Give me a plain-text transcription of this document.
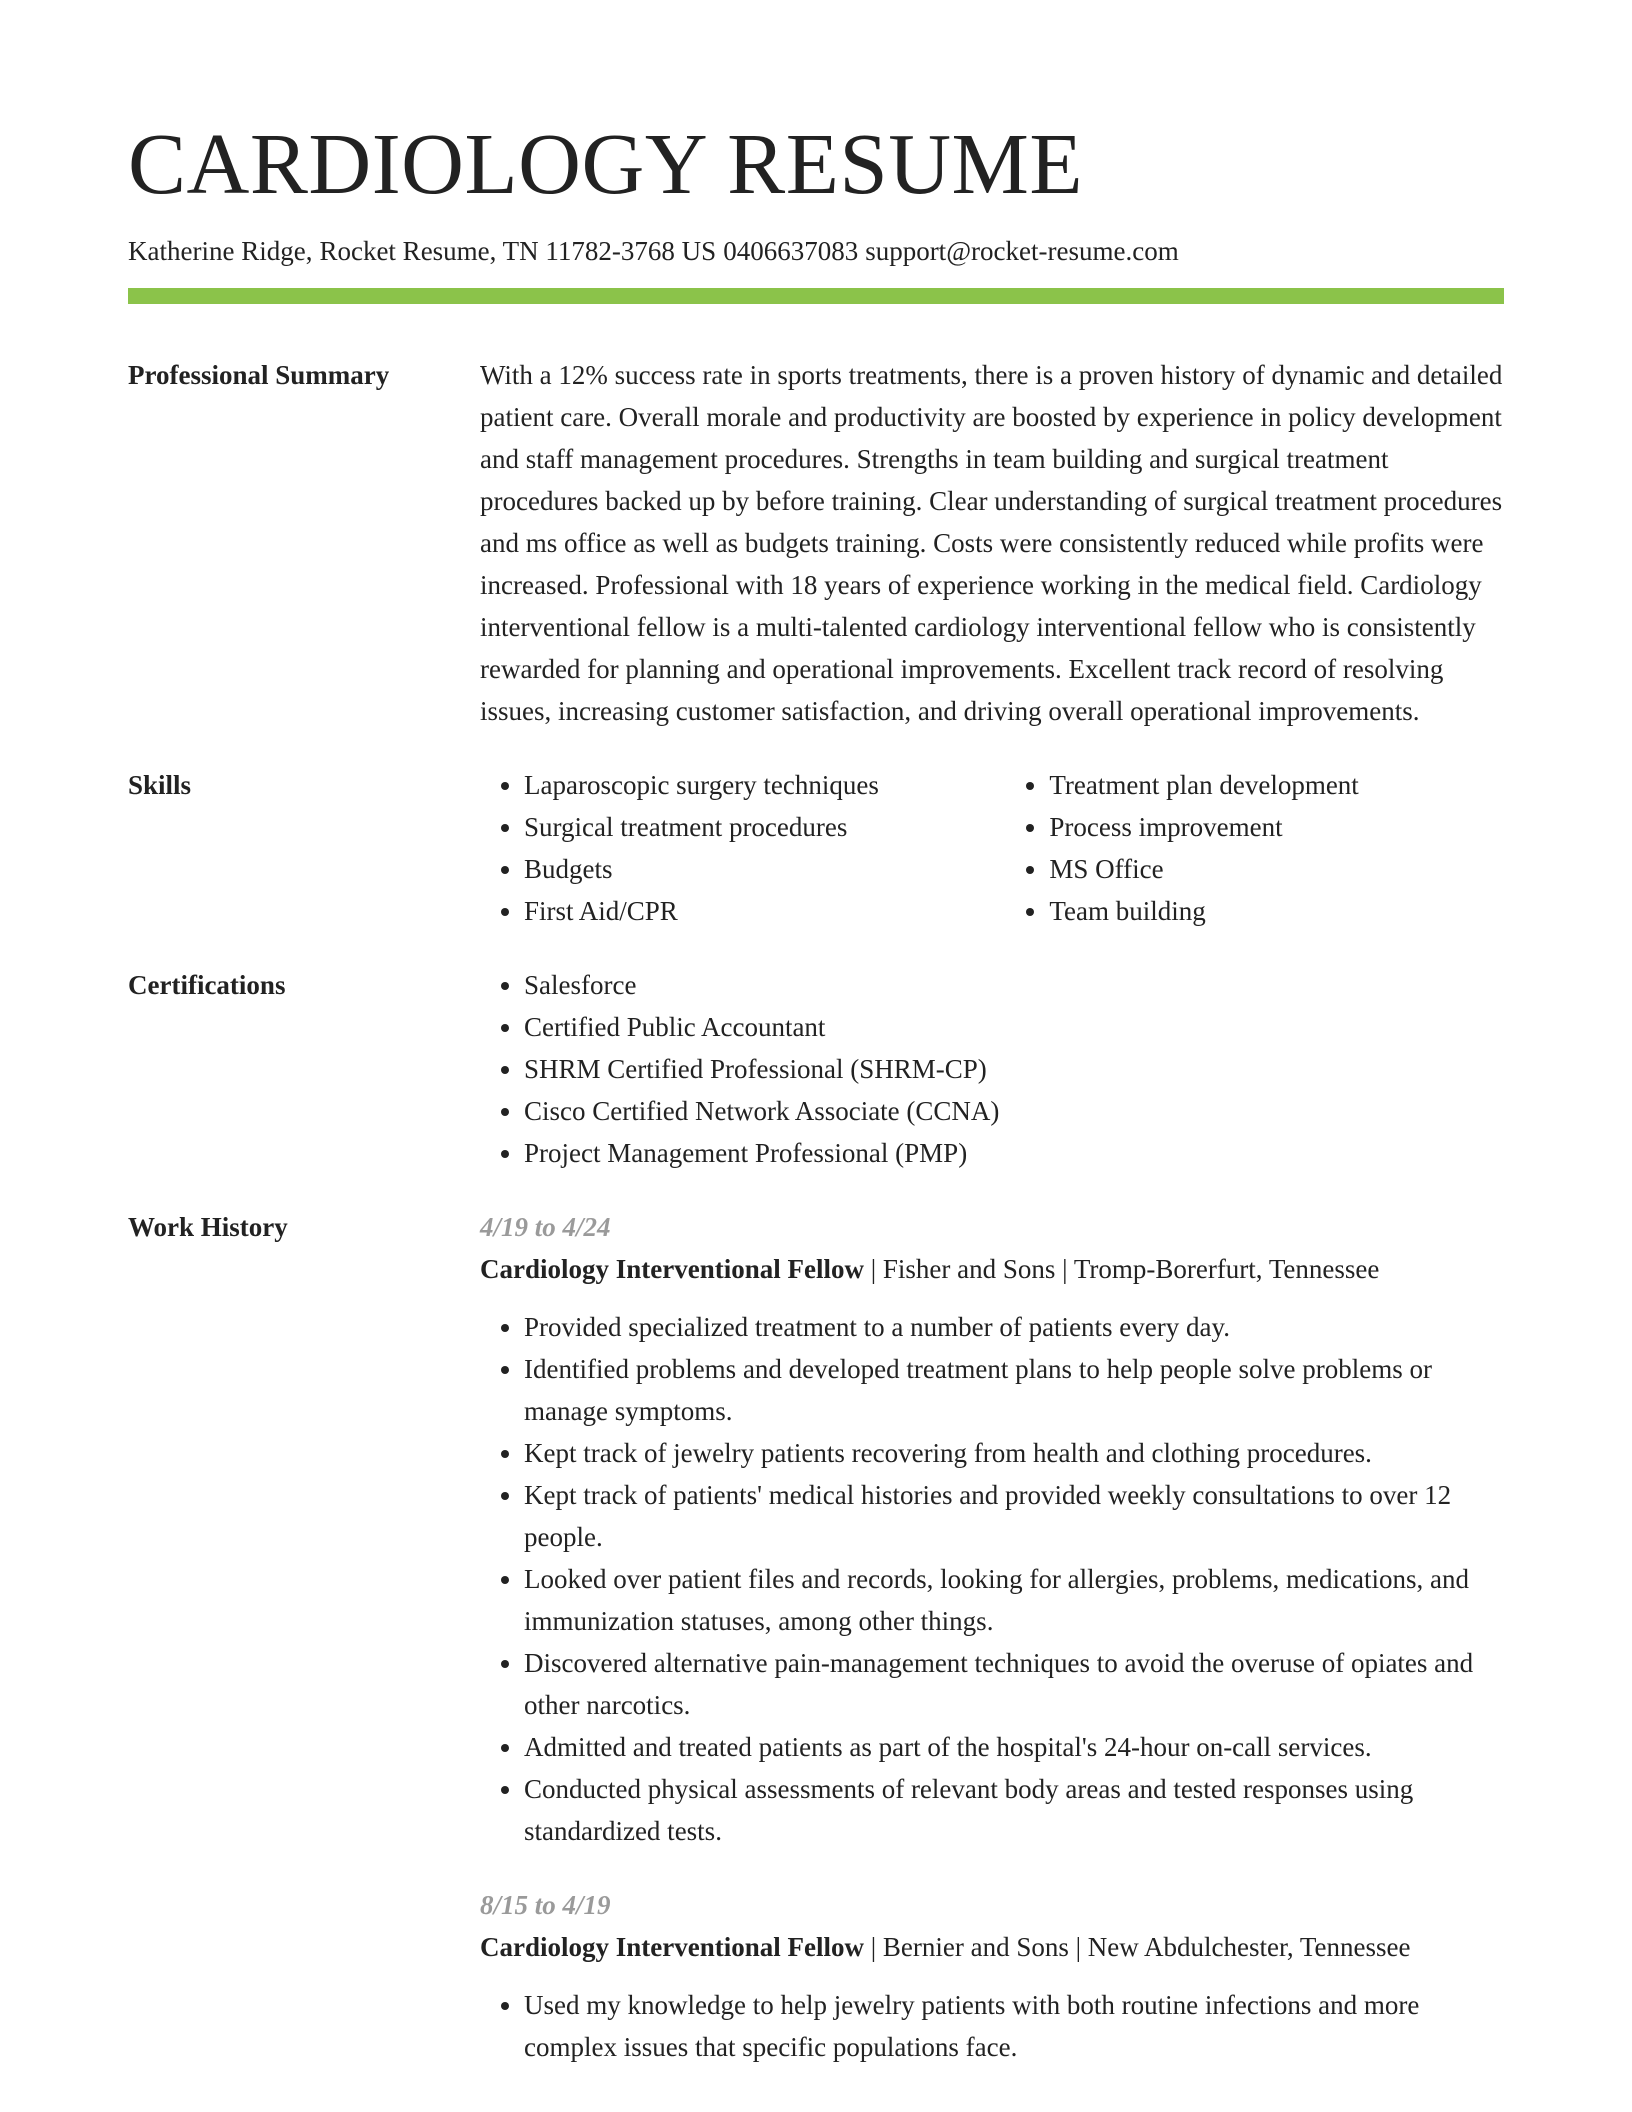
CARDIOLOGY RESUME
Katherine Ridge, Rocket Resume, TN 11782-3768 US 0406637083 support@rocket-resume.com
Professional Summary	With a 12% success rate in sports treatments, there is a proven history of dynamic and detailed patient care. Overall morale and productivity are boosted by experience in policy development and staff management procedures. Strengths in team building and surgical treatment procedures backed up by before training. Clear understanding of surgical treatment procedures and ms office as well as budgets training. Costs were consistently reduced while profits were increased. Professional with 18 years of experience working in the medical field. Cardiology interventional fellow is a multi-talented cardiology interventional fellow who is consistently rewarded for planning and operational improvements. Excellent track record of resolving issues, increasing customer satisfaction, and driving overall operational improvements.
Skills	• Laparoscopic surgery techniques
• Surgical treatment procedures
• Budgets
• First Aid/CPR
• Treatment plan development
• Process improvement
• MS Office
• Team building
Certifications	• Salesforce
• Certified Public Accountant
• SHRM Certified Professional (SHRM-CP)
• Cisco Certified Network Associate (CCNA)
• Project Management Professional (PMP)
Work History	4/19 to 4/24
Cardiology Interventional Fellow | Fisher and Sons | Tromp-Borerfurt, Tennessee
• Provided specialized treatment to a number of patients every day.
• Identified problems and developed treatment plans to help people solve problems or manage symptoms.
• Kept track of jewelry patients recovering from health and clothing procedures.
• Kept track of patients' medical histories and provided weekly consultations to over 12 people.
• Looked over patient files and records, looking for allergies, problems, medications, and immunization statuses, among other things.
• Discovered alternative pain-management techniques to avoid the overuse of opiates and other narcotics.
• Admitted and treated patients as part of the hospital's 24-hour on-call services.
• Conducted physical assessments of relevant body areas and tested responses using standardized tests.
8/15 to 4/19
Cardiology Interventional Fellow | Bernier and Sons | New Abdulchester, Tennessee
• Used my knowledge to help jewelry patients with both routine infections and more complex issues that specific populations face.
